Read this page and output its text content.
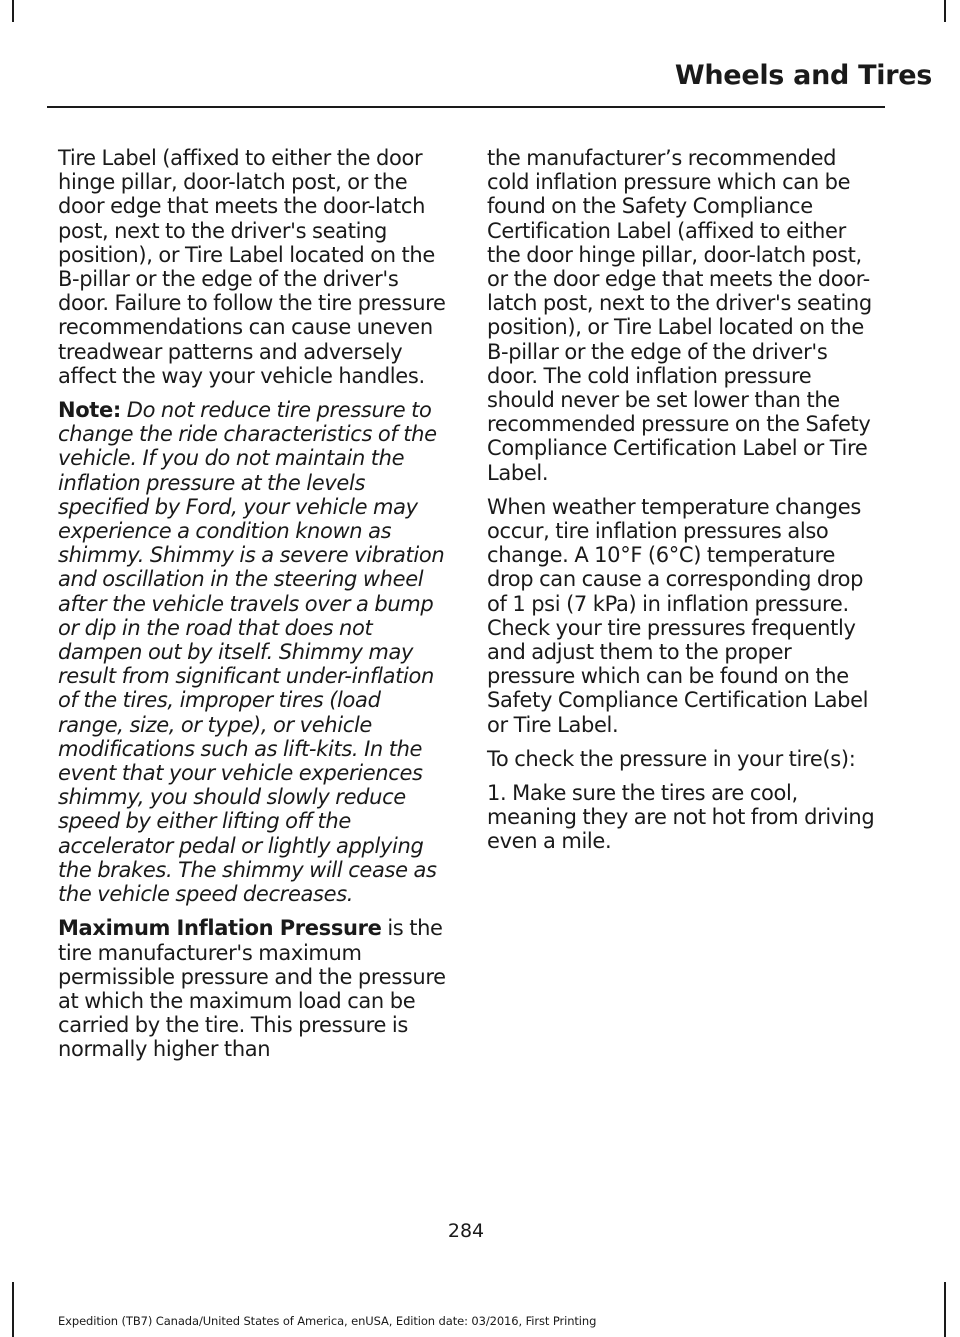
Wheels and Tires

Tire Label (affixed to either the door hinge pillar, door-latch post, or the door edge that meets the door-latch post, next to the driver's seating position), or Tire Label located on the B-pillar or the edge of the driver's door. Failure to follow the tire pressure recommendations can cause uneven treadwear patterns and adversely affect the way your vehicle handles.

Note: Do not reduce tire pressure to change the ride characteristics of the vehicle. If you do not maintain the inflation pressure at the levels specified by Ford, your vehicle may experience a condition known as shimmy. Shimmy is a severe vibration and oscillation in the steering wheel after the vehicle travels over a bump or dip in the road that does not dampen out by itself. Shimmy may result from significant under-inflation of the tires, improper tires (load range, size, or type), or vehicle modifications such as lift-kits. In the event that your vehicle experiences shimmy, you should slowly reduce speed by either lifting off the accelerator pedal or lightly applying the brakes. The shimmy will cease as the vehicle speed decreases.

Maximum Inflation Pressure is the tire manufacturer's maximum permissible pressure and the pressure at which the maximum load can be carried by the tire. This pressure is normally higher than

the manufacturer’s recommended cold inflation pressure which can be found on the Safety Compliance Certification Label (affixed to either the door hinge pillar, door-latch post, or the door edge that meets the door-latch post, next to the driver's seating position), or Tire Label located on the B-pillar or the edge of the driver's door. The cold inflation pressure should never be set lower than the recommended pressure on the Safety Compliance Certification Label or Tire Label.

When weather temperature changes occur, tire inflation pressures also change. A 10°F (6°C) temperature drop can cause a corresponding drop of 1 psi (7 kPa) in inflation pressure. Check your tire pressures frequently and adjust them to the proper pressure which can be found on the Safety Compliance Certification Label or Tire Label.

To check the pressure in your tire(s):

1. Make sure the tires are cool, meaning they are not hot from driving even a mile.

284
Expedition (TB7) Canada/United States of America, enUSA, Edition date: 03/2016, First Printing
